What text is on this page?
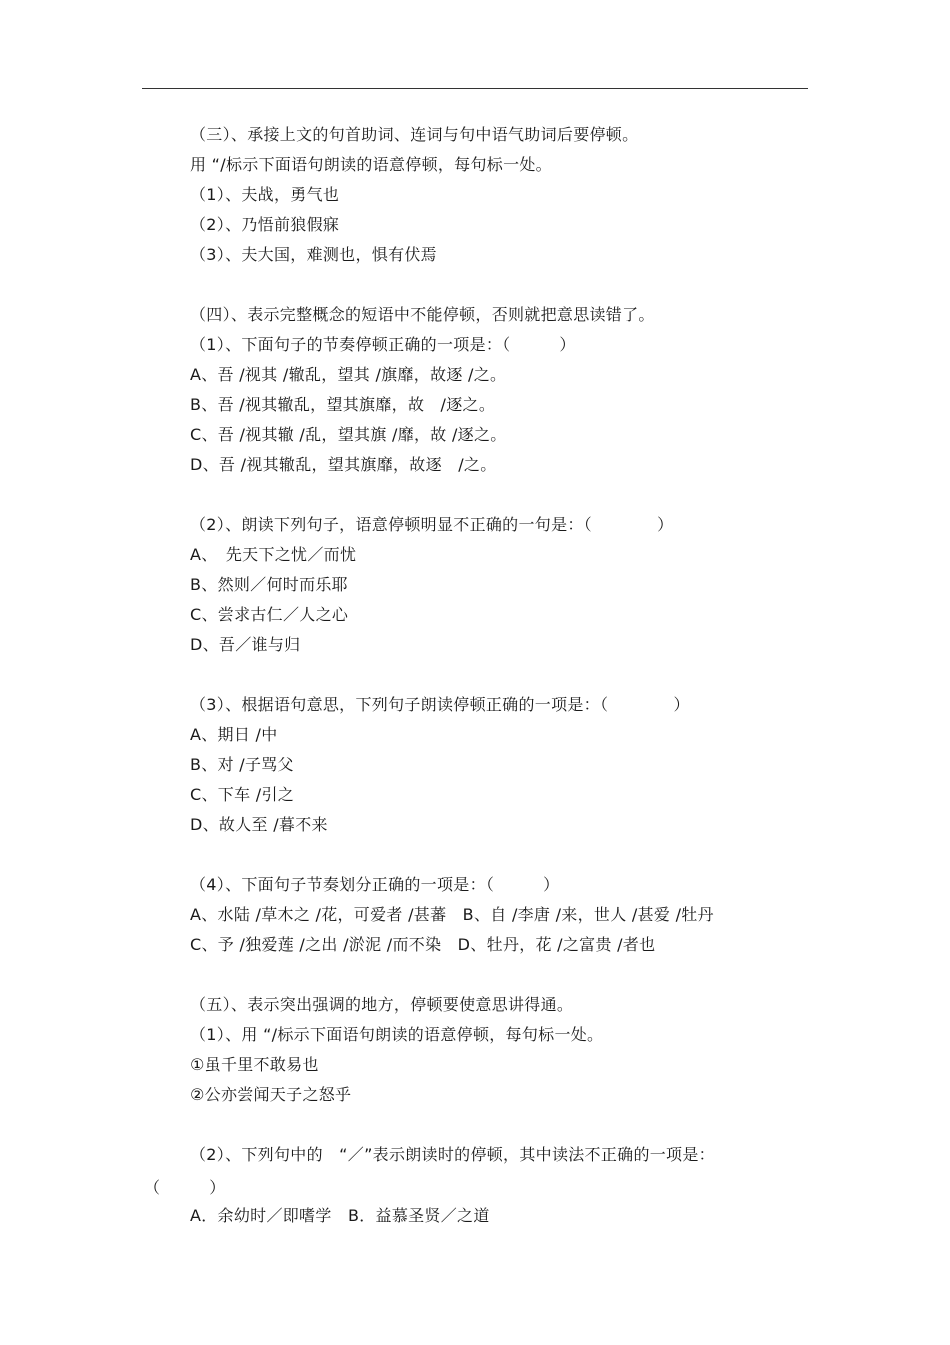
（三）、承接上文的句首助词、连词与句中语气助词后要停顿。
用 “/标示下面语句朗读的语意停顿，每句标一处。
（1）、夫战，勇气也
（2）、乃悟前狼假寐
（3）、夫大国，难测也，惧有伏焉
（四）、表示完整概念的短语中不能停顿，否则就把意思读错了。
（1）、下面句子的节奏停顿正确的一项是：（　　　）
A、吾 /视其 /辙乱，望其 /旗靡，故逐 /之。
B、吾 /视其辙乱，望其旗靡，故　/逐之。
C、吾 /视其辙 /乱，望其旗 /靡，故 /逐之。
D、吾 /视其辙乱，望其旗靡，故逐　/之。
（2）、朗读下列句子，语意停顿明显不正确的一句是：（　　　　）
A、　先天下之忧／而忧
B、然则／何时而乐耶
C、尝求古仁／人之心
D、吾／谁与归
（3）、根据语句意思，下列句子朗读停顿正确的一项是：（　　　　）
A、期日 /中
B、对 /子骂父
C、下车 /引之
D、故人至 /暮不来
（4）、下面句子节奏划分正确的一项是：（　　　）
A、水陆 /草木之 /花，可爱者 /甚蕃　B、自 /李唐 /来，世人 /甚爱 /牡丹
C、予 /独爱莲 /之出 /淤泥 /而不染　D、牡丹，花 /之富贵 /者也
（五）、表示突出强调的地方，停顿要使意思讲得通。
（1）、用 “/标示下面语句朗读的语意停顿，每句标一处。
①虽千里不敢易也
②公亦尝闻天子之怒乎
（2）、下列句中的　“／”表示朗读时的停顿，其中读法不正确的一项是：
（　　　）
A．余幼时／即嗜学　B．益慕圣贤／之道
